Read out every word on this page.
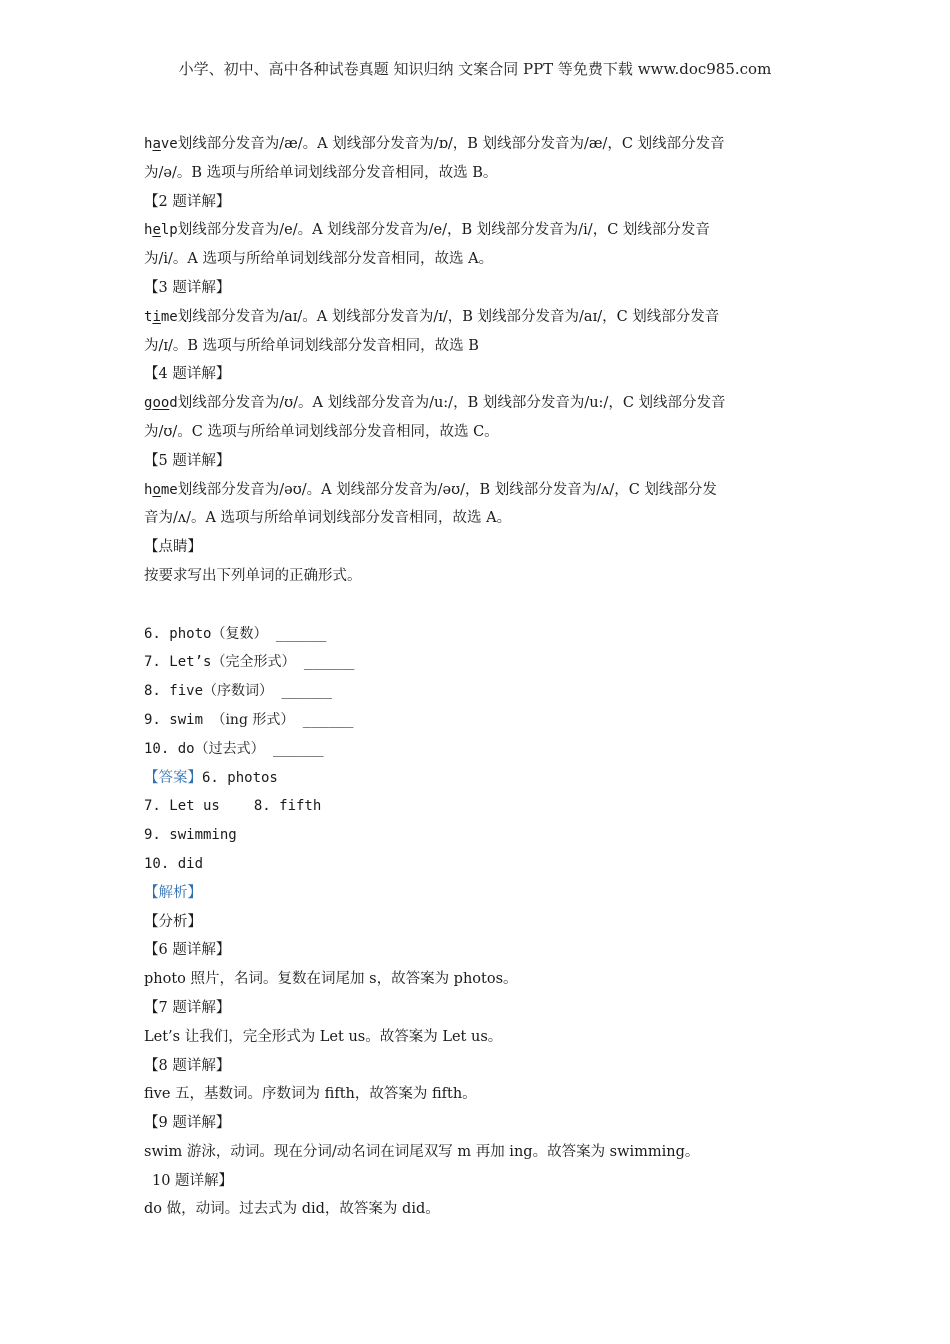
小学、初中、高中各种试卷真题 知识归纳 文案合同 PPT 等免费下载 www.doc985.com
have划线部分发音为/æ/。A 划线部分发音为/ɒ/，B 划线部分发音为/æ/，C 划线部分发音
为/ə/。B 选项与所给单词划线部分发音相同，故选 B。
【2 题详解】
help划线部分发音为/e/。A 划线部分发音为/e/，B 划线部分发音为/i/，C 划线部分发音
为/i/。A 选项与所给单词划线部分发音相同，故选 A。
【3 题详解】
time划线部分发音为/aɪ/。A 划线部分发音为/ɪ/，B 划线部分发音为/aɪ/，C 划线部分发音
为/ɪ/。B 选项与所给单词划线部分发音相同，故选 B
【4 题详解】
good划线部分发音为/ʊ/。A 划线部分发音为/u:/，B 划线部分发音为/u:/，C 划线部分发音
为/ʊ/。C 选项与所给单词划线部分发音相同，故选 C。
【5 题详解】
home划线部分发音为/əʊ/。A 划线部分发音为/əʊ/，B 划线部分发音为/ʌ/，C 划线部分发
音为/ʌ/。A 选项与所给单词划线部分发音相同，故选 A。
【点睛】
按要求写出下列单词的正确形式。
6. photo（复数） ______
7. Let’s（完全形式） ______
8. five（序数词） ______
9. swim （ing 形式） ______
10. do（过去式） ______
【答案】6. photos
7. Let us 8. fifth
9. swimming
10. did
【解析】
【分析】
【6 题详解】
photo 照片，名词。复数在词尾加 s，故答案为 photos。
【7 题详解】
Let’s 让我们，完全形式为 Let us。故答案为 Let us。
【8 题详解】
five 五，基数词。序数词为 fifth，故答案为 fifth。
【9 题详解】
swim 游泳，动词。现在分词/动名词在词尾双写 m 再加 ing。故答案为 swimming。
10 题详解】
do 做，动词。过去式为 did，故答案为 did。
